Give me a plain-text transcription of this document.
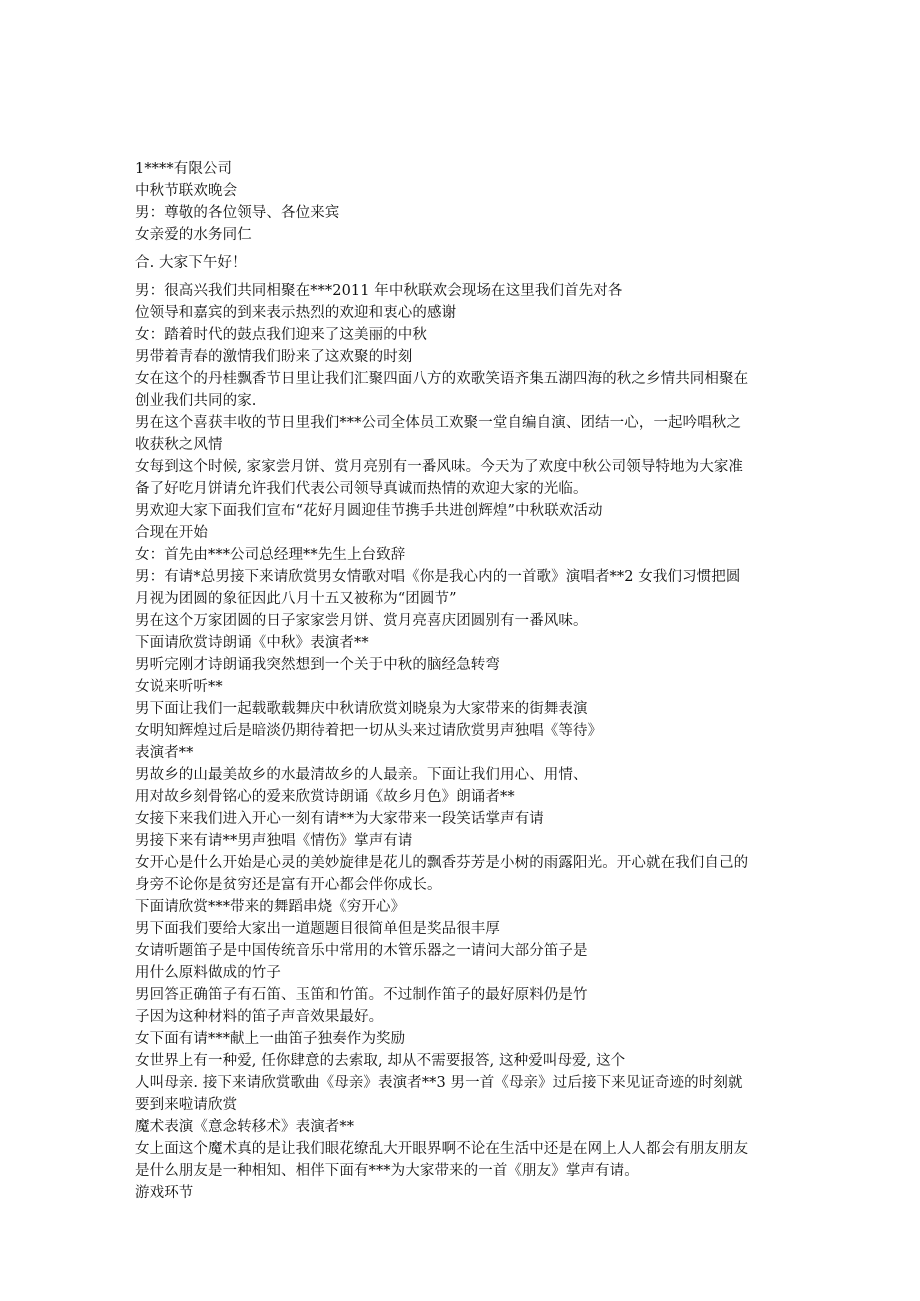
1****有限公司
中秋节联欢晚会
男：尊敬的各位领导、各位来宾
女亲爱的水务同仁
合. 大家下午好！
男：很高兴我们共同相聚在***2011 年中秋联欢会现场在这里我们首先对各
位领导和嘉宾的到来表示热烈的欢迎和衷心的感谢
女：踏着时代的鼓点我们迎来了这美丽的中秋
男带着青春的激情我们盼来了这欢聚的时刻
女在这个的丹桂飘香节日里让我们汇聚四面八方的欢歌笑语齐集五湖四海的秋之乡情共同相聚在
创业我们共同的家.
男在这个喜获丰收的节日里我们***公司全体员工欢聚一堂自编自演、团结一心，一起吟唱秋之
收获秋之风情
女每到这个时候, 家家尝月饼、赏月亮别有一番风味。今天为了欢度中秋公司领导特地为大家准
备了好吃月饼请允许我们代表公司领导真诚而热情的欢迎大家的光临。
男欢迎大家下面我们宣布“花好月圆迎佳节携手共进创辉煌”中秋联欢活动
合现在开始
女：首先由***公司总经理**先生上台致辞
男：有请*总男接下来请欣赏男女情歌对唱《你是我心内的一首歌》演唱者**2 女我们习惯把圆
月视为团圆的象征因此八月十五又被称为“团圆节”
男在这个万家团圆的日子家家尝月饼、赏月亮喜庆团圆别有一番风味。
下面请欣赏诗朗诵《中秋》表演者**
男听完刚才诗朗诵我突然想到一个关于中秋的脑经急转弯
女说来听听**
男下面让我们一起载歌载舞庆中秋请欣赏刘晓泉为大家带来的街舞表演
女明知辉煌过后是暗淡仍期待着把一切从头来过请欣赏男声独唱《等待》
表演者**
男故乡的山最美故乡的水最清故乡的人最亲。下面让我们用心、用情、
用对故乡刻骨铭心的爱来欣赏诗朗诵《故乡月色》朗诵者**
女接下来我们进入开心一刻有请**为大家带来一段笑话掌声有请
男接下来有请**男声独唱《情伤》掌声有请
女开心是什么开始是心灵的美妙旋律是花儿的飘香芬芳是小树的雨露阳光。开心就在我们自己的
身旁不论你是贫穷还是富有开心都会伴你成长。
下面请欣赏***带来的舞蹈串烧《穷开心》
男下面我们要给大家出一道题题目很简单但是奖品很丰厚
女请听题笛子是中国传统音乐中常用的木管乐器之一请问大部分笛子是
用什么原料做成的竹子
男回答正确笛子有石笛、玉笛和竹笛。不过制作笛子的最好原料仍是竹
子因为这种材料的笛子声音效果最好。
女下面有请***献上一曲笛子独奏作为奖励
女世界上有一种爱, 任你肆意的去索取, 却从不需要报答, 这种爱叫母爱, 这个
人叫母亲. 接下来请欣赏歌曲《母亲》表演者**3 男一首《母亲》过后接下来见证奇迹的时刻就
要到来啦请欣赏
魔术表演《意念转移术》表演者**
女上面这个魔术真的是让我们眼花缭乱大开眼界啊不论在生活中还是在网上人人都会有朋友朋友
是什么朋友是一种相知、相伴下面有***为大家带来的一首《朋友》掌声有请。
游戏环节
